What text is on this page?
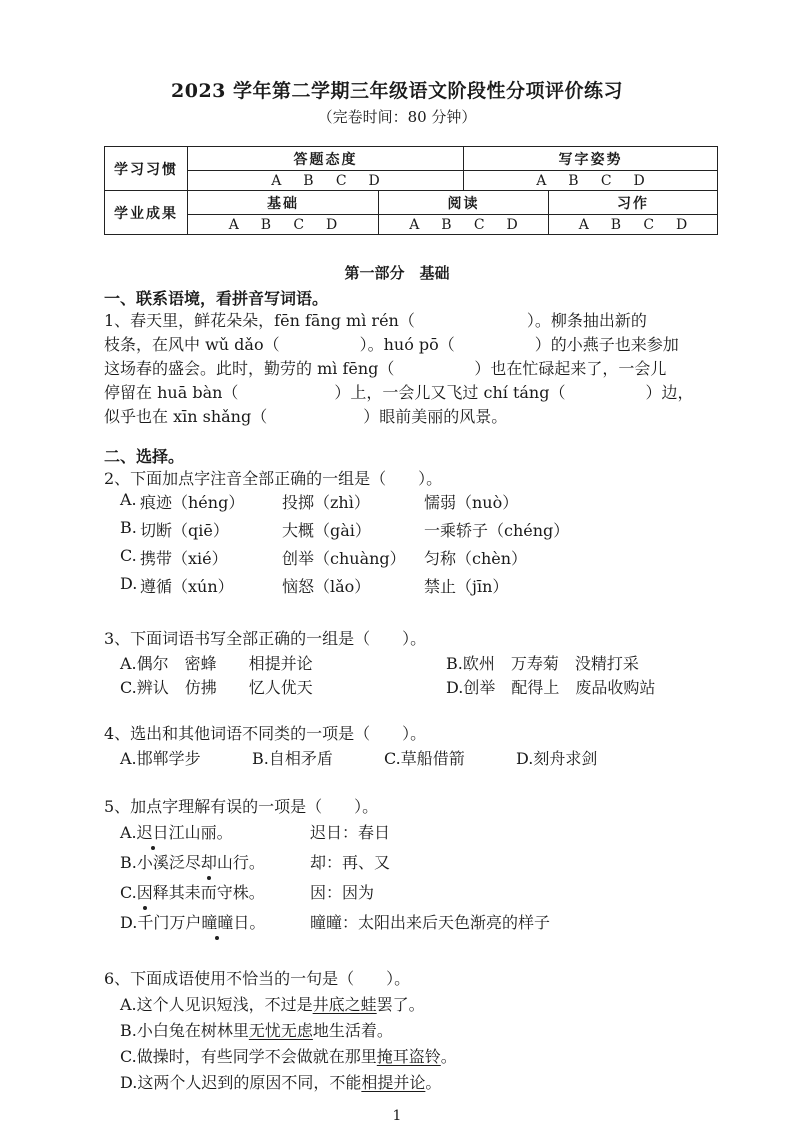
2023 学年第二学期三年级语文阶段性分项评价练习
（完卷时间：80 分钟）
学习习惯	答题态度		写字姿势	
	ABCD		ABCD	
学业成果	基础	阅读		习作
	ABCD	ABCD		ABCD
第一部分　基础
一、联系语境，看拼音写词语。
1、春天里，鲜花朵朵，fēn fāng mì rén（　　　　　　　）。柳条抽出新的
枝条，在风中 wǔ dǎo（　　　　　）。huó pō（　　　　　）的小燕子也来参加
这场春的盛会。此时，勤劳的 mì fēng（　　　　　）也在忙碌起来了，一会儿
停留在 huā bàn（　　　　　　）上，一会儿又飞过 chí táng（　　　　　）边，
似乎也在 xīn shǎng（　　　　　　）眼前美丽的风景。
二、选择。
2、下面加点字注音全部正确的一组是（　　）。
A. 痕迹（héng） 投掷（zhì）	懦弱（nuò）
B. 切断（qiē）	大概（gài）	一乘轿子（chéng）
C. 携带（xié）	创举（chuàng） 匀称（chèn）
D. 遵循（xún）	恼怒（lǎo）	禁止（jīn）
3、下面词语书写全部正确的一组是（　　）。
A.偶尔　密蜂　　相提并论	B.欧州　万寿菊　没精打采
C.辨认　仿拂　　忆人优天	D.创举　配得上　废品收购站
4、选出和其他词语不同类的一项是（　　）。
A.邯郸学步	B.自相矛盾	C.草船借箭	D.刻舟求剑
5、加点字理解有误的一项是（　　）。
A.迟日江山丽。	迟日：春日
B.小溪泛尽却山行。	却：再、又
C.因释其耒而守株。	因：因为
D.千门万户曈曈日。	曈曈：太阳出来后天色渐亮的样子
6、下面成语使用不恰当的一句是（　　）。
A.这个人见识短浅，不过是井底之蛙罢了。
B.小白兔在树林里无忧无虑地生活着。
C.做操时，有些同学不会做就在那里掩耳盗铃。
D.这两个人迟到的原因不同，不能相提并论。
1
